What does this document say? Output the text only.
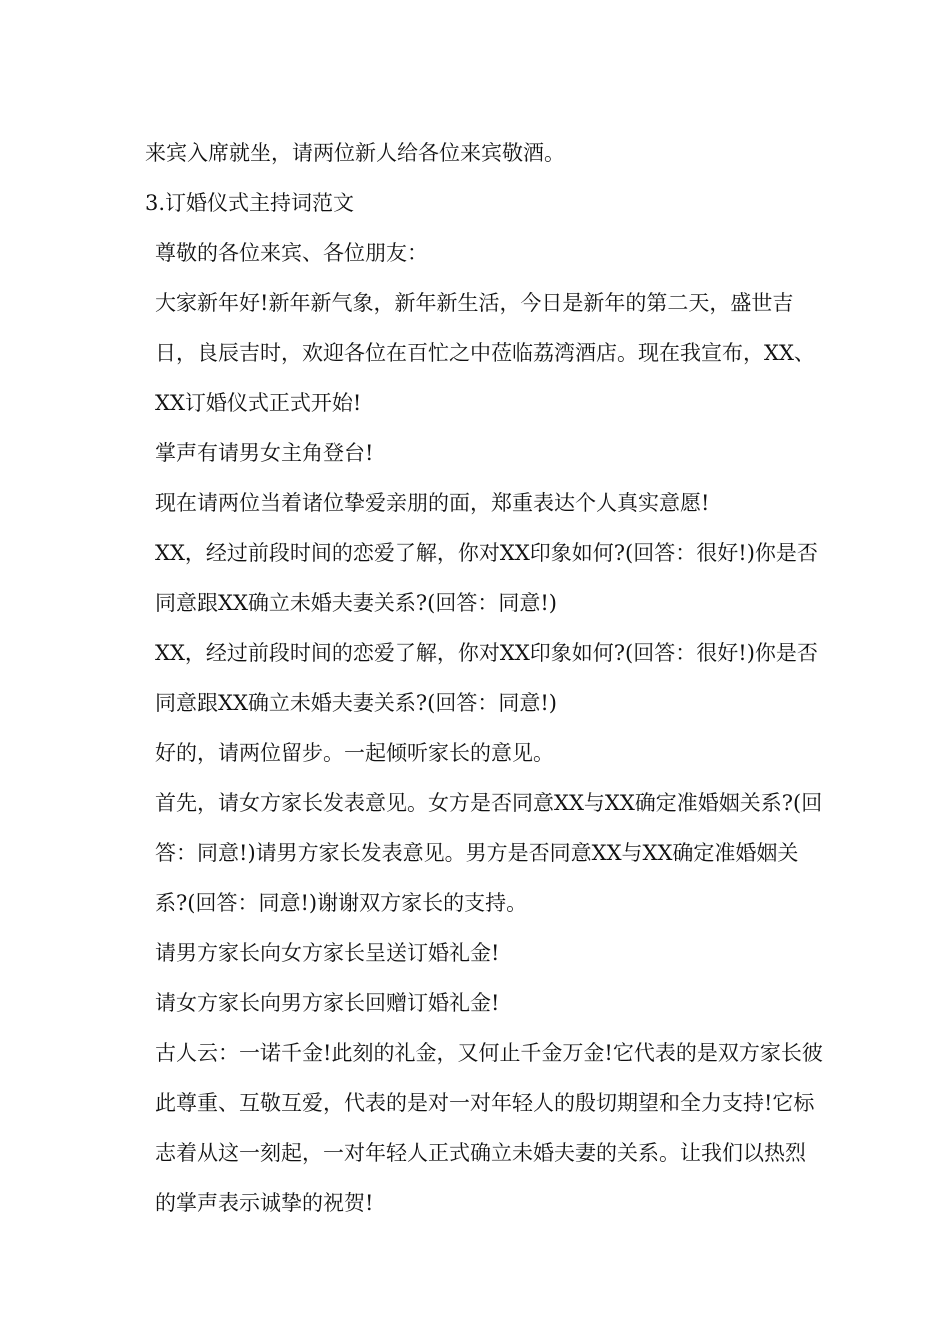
来宾入席就坐，请两位新人给各位来宾敬酒。

3.订婚仪式主持词范文

尊敬的各位来宾、各位朋友：

大家新年好!新年新气象，新年新生活，今日是新年的第二天，盛世吉日，良辰吉时，欢迎各位在百忙之中莅临荔湾酒店。现在我宣布，XX、XX订婚仪式正式开始!

掌声有请男女主角登台!

现在请两位当着诸位挚爱亲朋的面，郑重表达个人真实意愿!

XX，经过前段时间的恋爱了解，你对XX印象如何?(回答：很好!)你是否同意跟XX确立未婚夫妻关系?(回答：同意!)

XX，经过前段时间的恋爱了解，你对XX印象如何?(回答：很好!)你是否同意跟XX确立未婚夫妻关系?(回答：同意!)

好的，请两位留步。一起倾听家长的意见。

首先，请女方家长发表意见。女方是否同意XX与XX确定准婚姻关系?(回答：同意!)请男方家长发表意见。男方是否同意XX与XX确定准婚姻关系?(回答：同意!)谢谢双方家长的支持。

请男方家长向女方家长呈送订婚礼金!

请女方家长向男方家长回赠订婚礼金!

古人云：一诺千金!此刻的礼金，又何止千金万金!它代表的是双方家长彼此尊重、互敬互爱，代表的是对一对年轻人的殷切期望和全力支持!它标志着从这一刻起，一对年轻人正式确立未婚夫妻的关系。让我们以热烈的掌声表示诚挚的祝贺!
